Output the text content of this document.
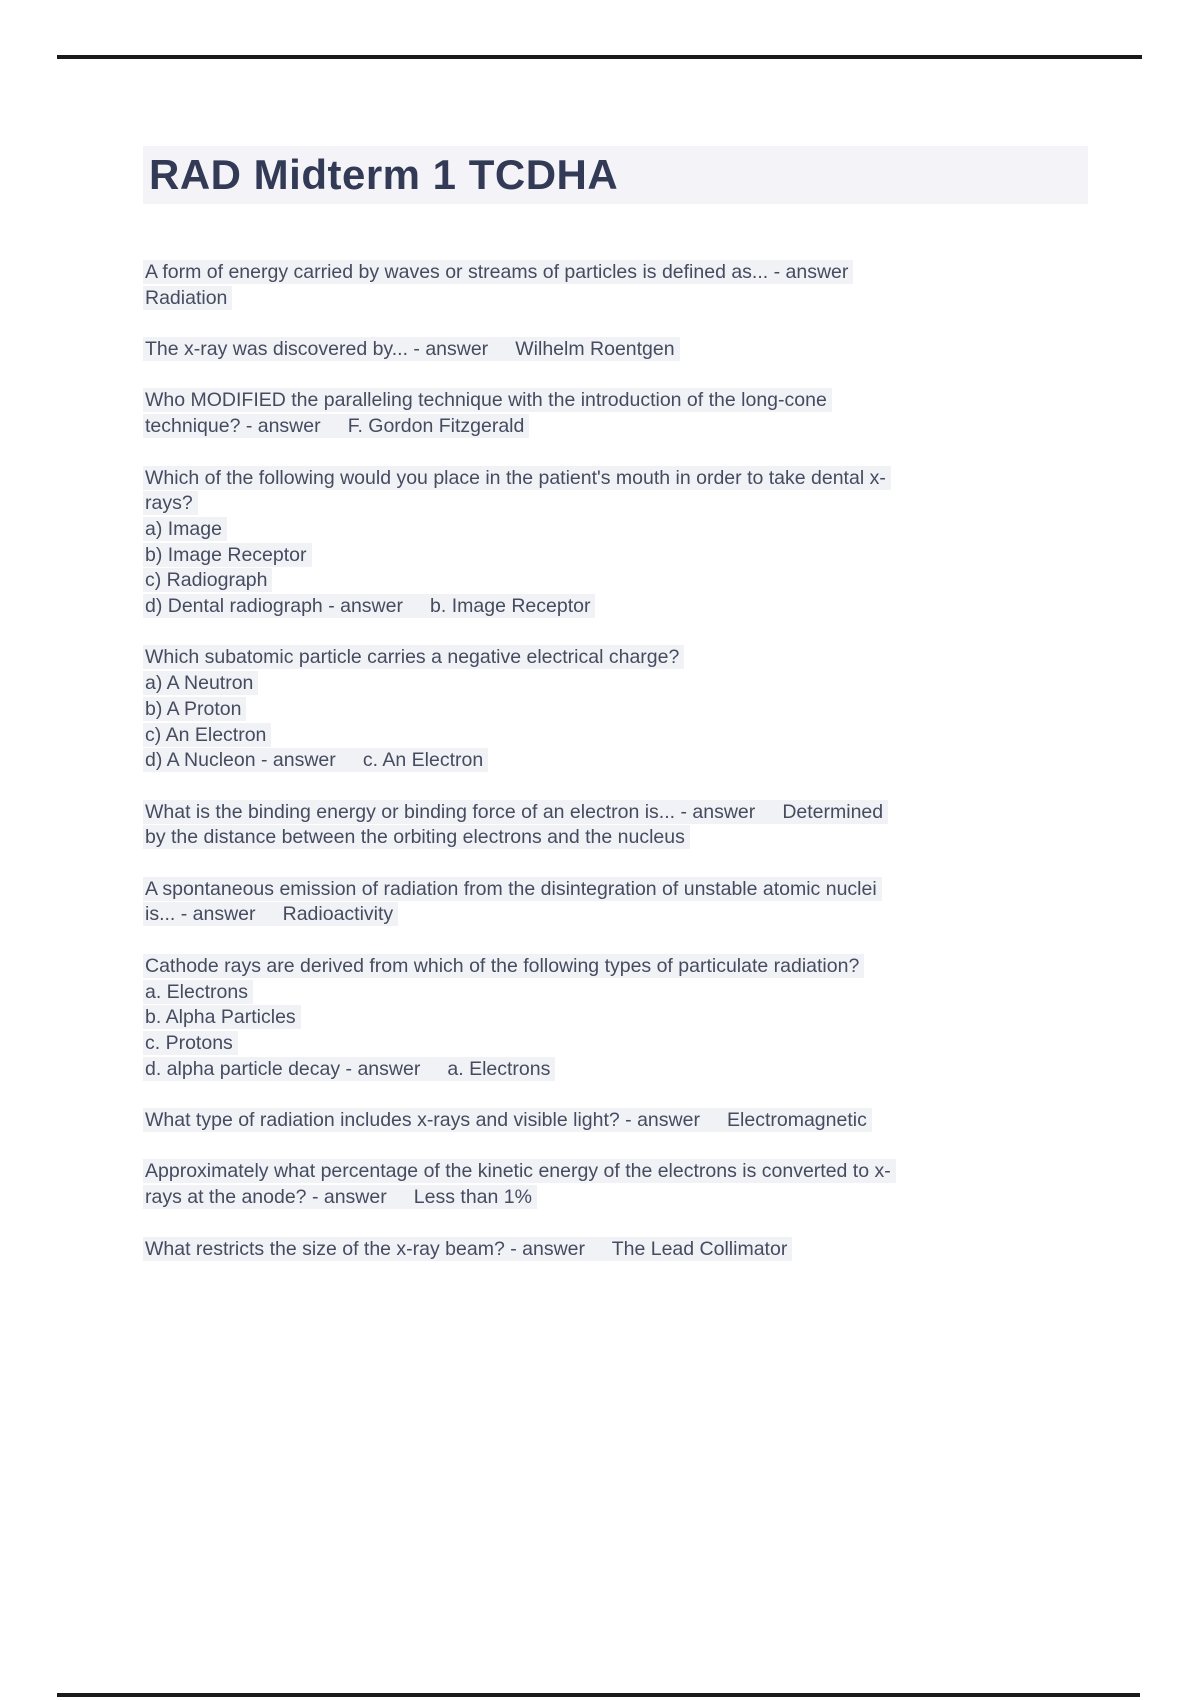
RAD Midterm 1 TCDHA
A form of energy carried by waves or streams of particles is defined as... - answer
Radiation
The x-ray was discovered by... - answer     Wilhelm Roentgen
Who MODIFIED the paralleling technique with the introduction of the long-cone
technique? - answer     F. Gordon Fitzgerald
Which of the following would you place in the patient's mouth in order to take dental x-
rays?
a) Image
b) Image Receptor
c) Radiograph
d) Dental radiograph - answer     b. Image Receptor
Which subatomic particle carries a negative electrical charge?
a) A Neutron
b) A Proton
c) An Electron
d) A Nucleon - answer     c. An Electron
What is the binding energy or binding force of an electron is... - answer     Determined
by the distance between the orbiting electrons and the nucleus
A spontaneous emission of radiation from the disintegration of unstable atomic nuclei
is... - answer     Radioactivity
Cathode rays are derived from which of the following types of particulate radiation?
a. Electrons
b. Alpha Particles
c. Protons
d. alpha particle decay - answer     a. Electrons
What type of radiation includes x-rays and visible light? - answer     Electromagnetic
Approximately what percentage of the kinetic energy of the electrons is converted to x-
rays at the anode? - answer     Less than 1%
What restricts the size of the x-ray beam? - answer     The Lead Collimator
